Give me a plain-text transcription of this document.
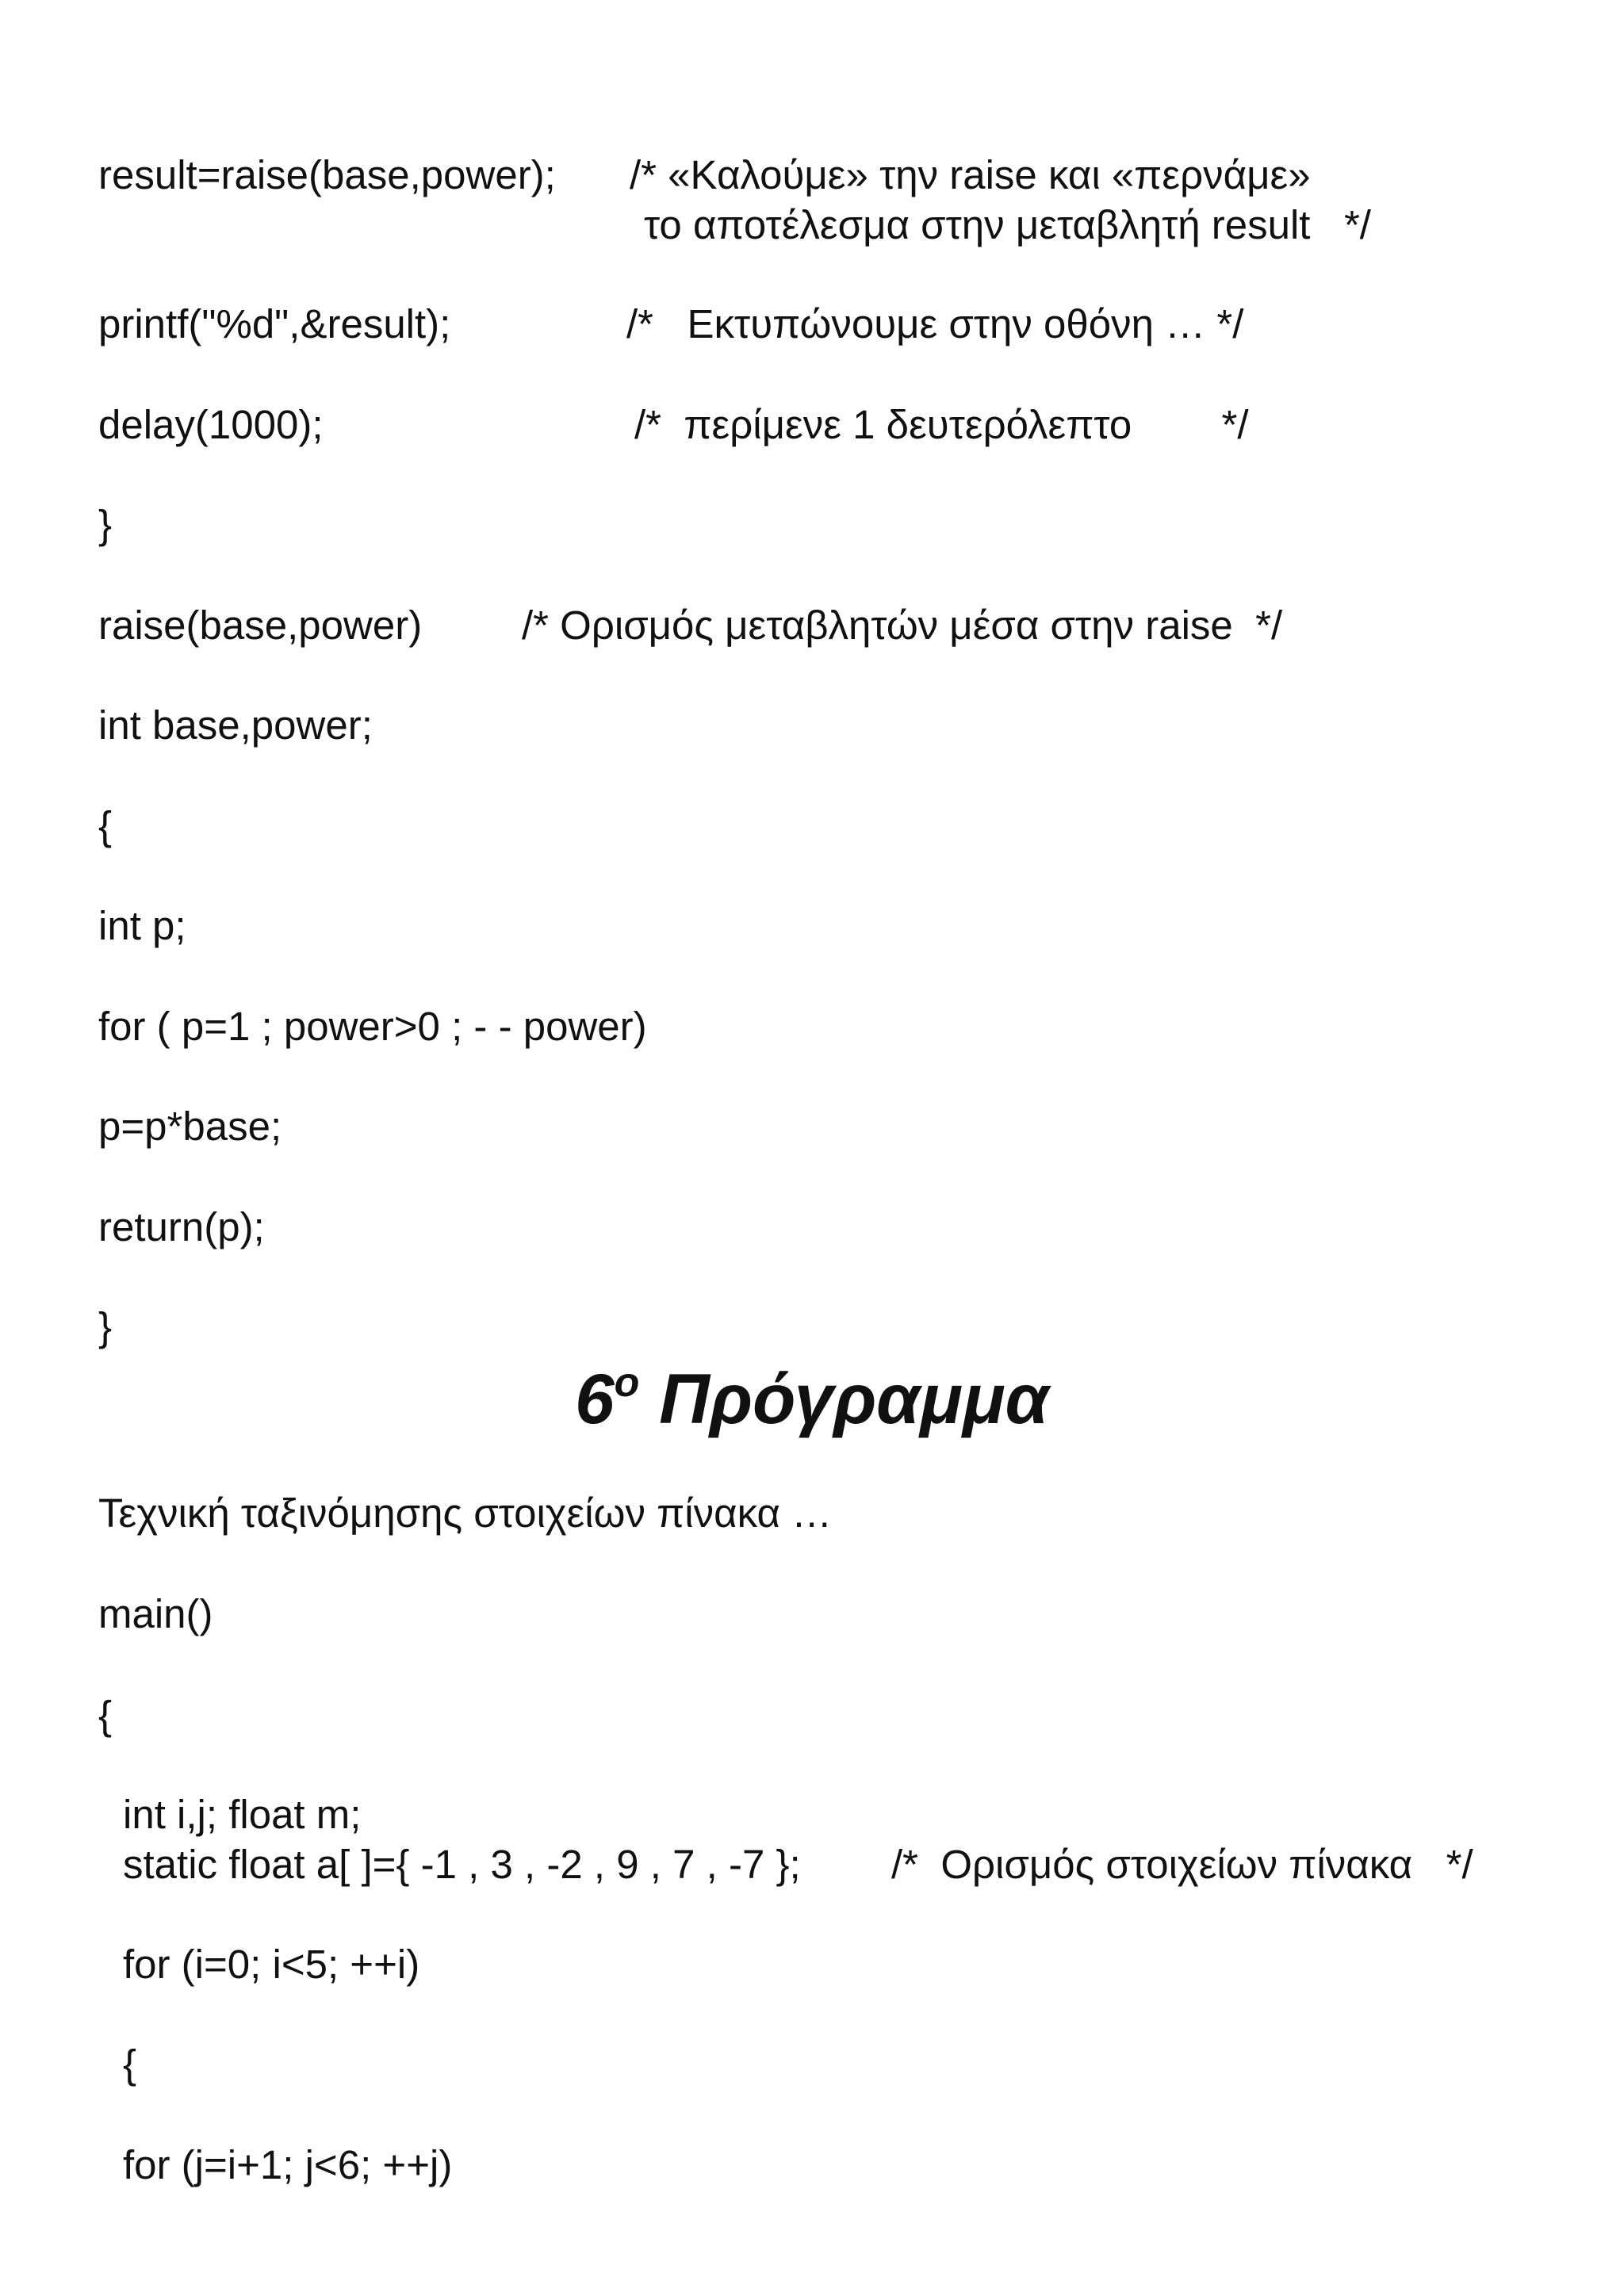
result=raise(base,power); /* «Καλούμε» την raise και «περνάμε»
το αποτέλεσμα στην μεταβλητή result   */
printf("%d",&result);	/*   Εκτυπώνουμε στην οθόνη … */
delay(1000);	/*  περίμενε 1 δευτερόλεπτο        */
}
raise(base,power) /* Ορισμός μεταβλητών μέσα στην raise  */
int base,power;
{
int p;
for ( p=1 ; power>0 ; - - power)
p=p*base;
return(p);
}
$6^o$ Πρόγραμμα
Τεχνική ταξινόμησης στοιχείων πίνακα …
main()
{
int i,j; float m;
static float a[ ]={ -1 , 3 , -2 , 9 , 7 , -7 }; /*  Ορισμός στοιχείων πίνακα   */
for (i=0; i<5; ++i)
{
for (j=i+1; j<6; ++j)
